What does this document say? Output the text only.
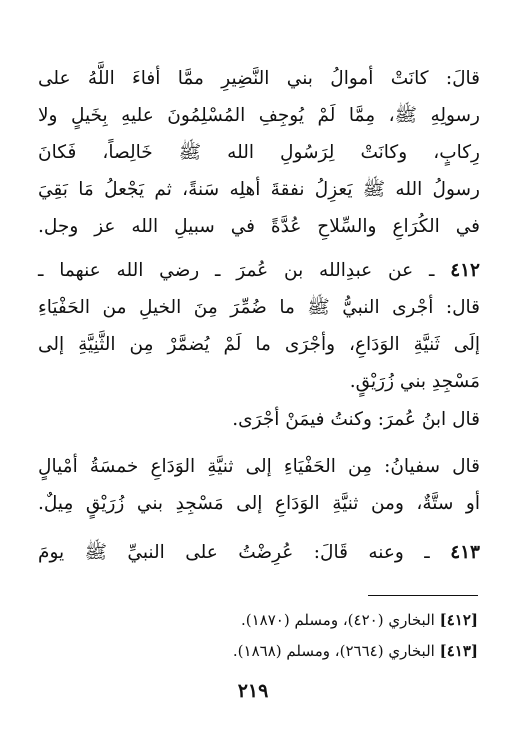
قالَ: كانَتْ أموالُ بني النَّضِيرِ ممَّا أفاءَ اللَّهُ على
رسولِهِ ﷺ، مِمَّا لَمْ يُوجِفِ المُسْلِمُونَ عليهِ بِخَيلٍ ولا
رِكابٍ، وكانَتْ لِرَسُولِ الله ﷺ خَالِصاً، فَكانَ
رسولُ الله ﷺ يَعزِلُ نفقةَ أهلِه سَنةً، ثم يَجْعلُ مَا بَقِيَ
في الكُرَاعِ والسِّلاحِ عُدَّةً في سبيلِ الله عز وجل.
٤١٢ ـ عن عبدِالله بن عُمرَ ـ رضي الله عنهما ـ
قال: أجْرى النبيُّ ﷺ ما ضُمِّرَ مِنَ الخيلِ من الحَفْيَاءِ
إلَى ثَنيَّةِ الوَدَاعِ، وأجْرَى ما لَمْ يُضمَّرْ مِن الثَّنِيَّةِ إلى
مَسْجِدِ بني زُرَيْقٍ.
قال ابنُ عُمرَ: وكنتُ فيمَنْ أجْرَى.
قال سفيانُ: مِن الحَفْيَاءِ إلى ثنيَّةِ الوَدَاعِ خمسَةُ أمْيالٍ
أو ستَّةٌ، ومن ثنيَّةِ الوَدَاعِ إلى مَسْجِدِ بني زُرَيْقٍ مِيلٌ.
٤١٣ ـ وعنه قَالَ: عُرِضْتُ على النبيِّ ﷺ يومَ
[٤١٢] البخاري (٤٢٠)، ومسلم (١٨٧٠).
[٤١٣] البخاري (٢٦٦٤)، ومسلم (١٨٦٨).
٢١٩
